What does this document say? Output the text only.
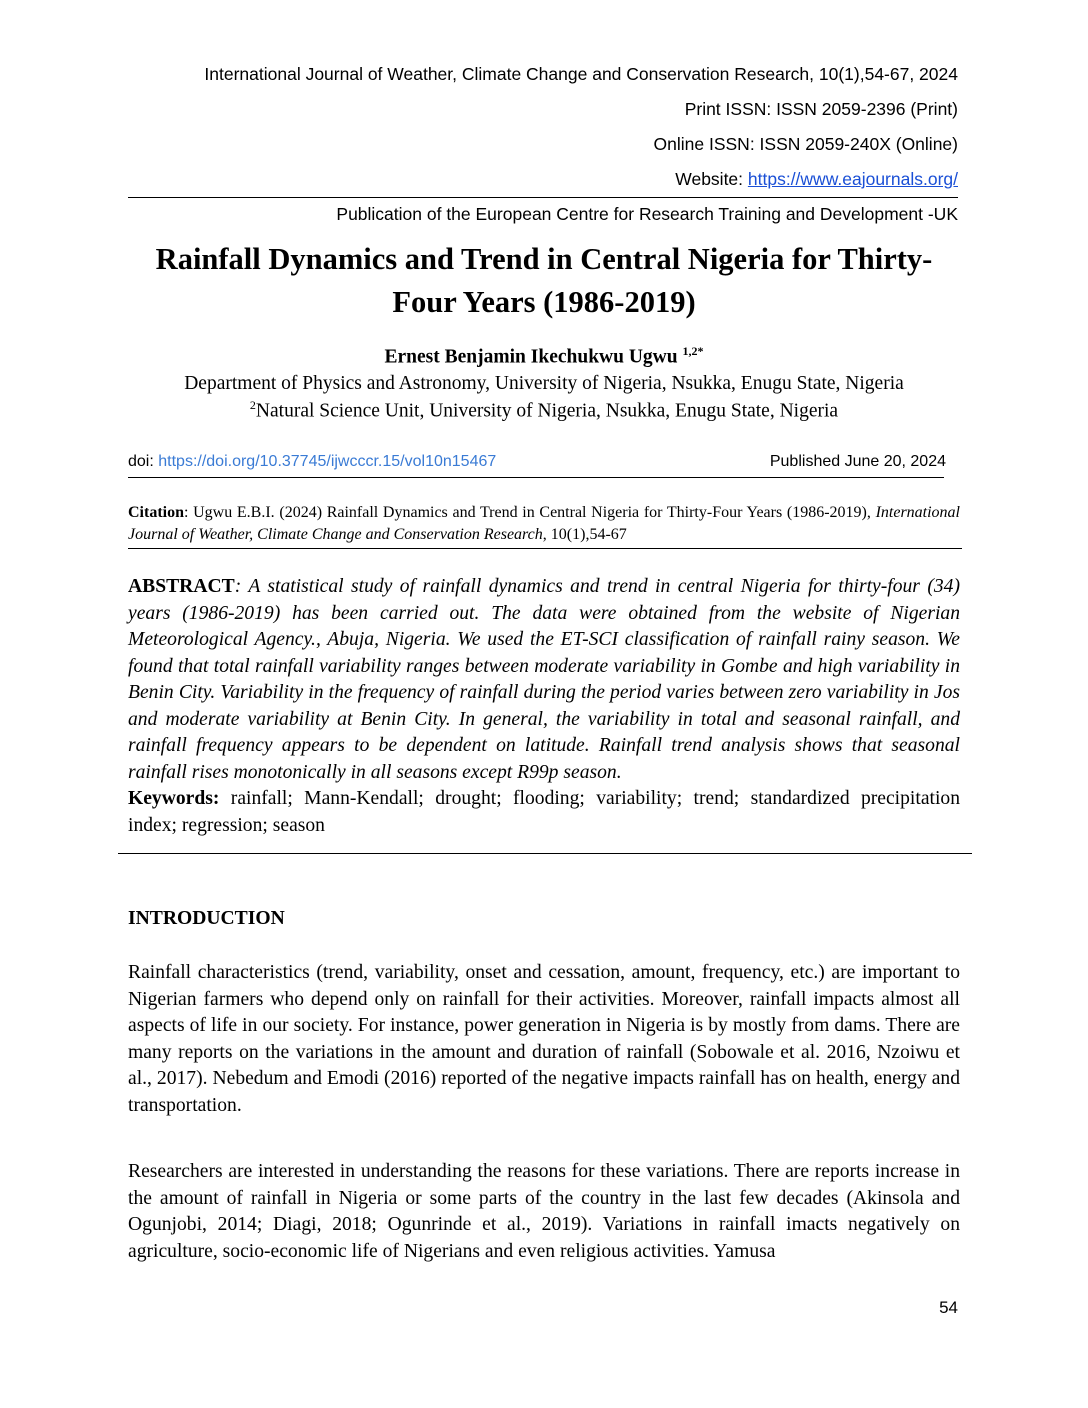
International Journal of Weather, Climate Change and Conservation Research, 10(1),54-67, 2024
Print ISSN: ISSN 2059-2396 (Print)
Online ISSN: ISSN 2059-240X (Online)
Website: https://www.eajournals.org/
Publication of the European Centre for Research Training and Development -UK
Rainfall Dynamics and Trend in Central Nigeria for Thirty-
Four Years (1986-2019)
Ernest Benjamin Ikechukwu Ugwu $^{1,2*}$
Department of Physics and Astronomy, University of Nigeria, Nsukka, Enugu State, Nigeria
$^2$Natural Science Unit, University of Nigeria, Nsukka, Enugu State, Nigeria
doi: https://doi.org/10.37745/ijwcccr.15/vol10n15467	Published June 20, 2024
Citation: Ugwu E.B.I. (2024) Rainfall Dynamics and Trend in Central Nigeria for Thirty-Four Years (1986-2019), International Journal of Weather, Climate Change and Conservation Research, 10(1),54-67

ABSTRACT: A statistical study of rainfall dynamics and trend in central Nigeria for thirty-four (34) years (1986-2019) has been carried out. The data were obtained from the website of Nigerian Meteorological Agency., Abuja, Nigeria. We used the ET-SCI classification of rainfall rainy season. We found that total rainfall variability ranges between moderate variability in Gombe and high variability in Benin City. Variability in the frequency of rainfall during the period varies between zero variability in Jos and moderate variability at Benin City. In general, the variability in total and seasonal rainfall, and rainfall frequency appears to be dependent on latitude. Rainfall trend analysis shows that seasonal rainfall rises monotonically in all seasons except R99p season.

Keywords: rainfall; Mann-Kendall; drought; flooding; variability; trend; standardized precipitation index; regression; season

INTRODUCTION

Rainfall characteristics (trend, variability, onset and cessation, amount, frequency, etc.) are important to Nigerian farmers who depend only on rainfall for their activities. Moreover, rainfall impacts almost all aspects of life in our society. For instance, power generation in Nigeria is by mostly from dams. There are many reports on the variations in the amount and duration of rainfall (Sobowale et al. 2016, Nzoiwu et al., 2017). Nebedum and Emodi (2016) reported of the negative impacts rainfall has on health, energy and transportation.

Researchers are interested in understanding the reasons for these variations. There are reports increase in the amount of rainfall in Nigeria or some parts of the country in the last few decades (Akinsola and Ogunjobi, 2014; Diagi, 2018; Ogunrinde et al., 2019). Variations in rainfall imacts negatively on agriculture, socio-economic life of Nigerians and even religious activities. Yamusa

54
